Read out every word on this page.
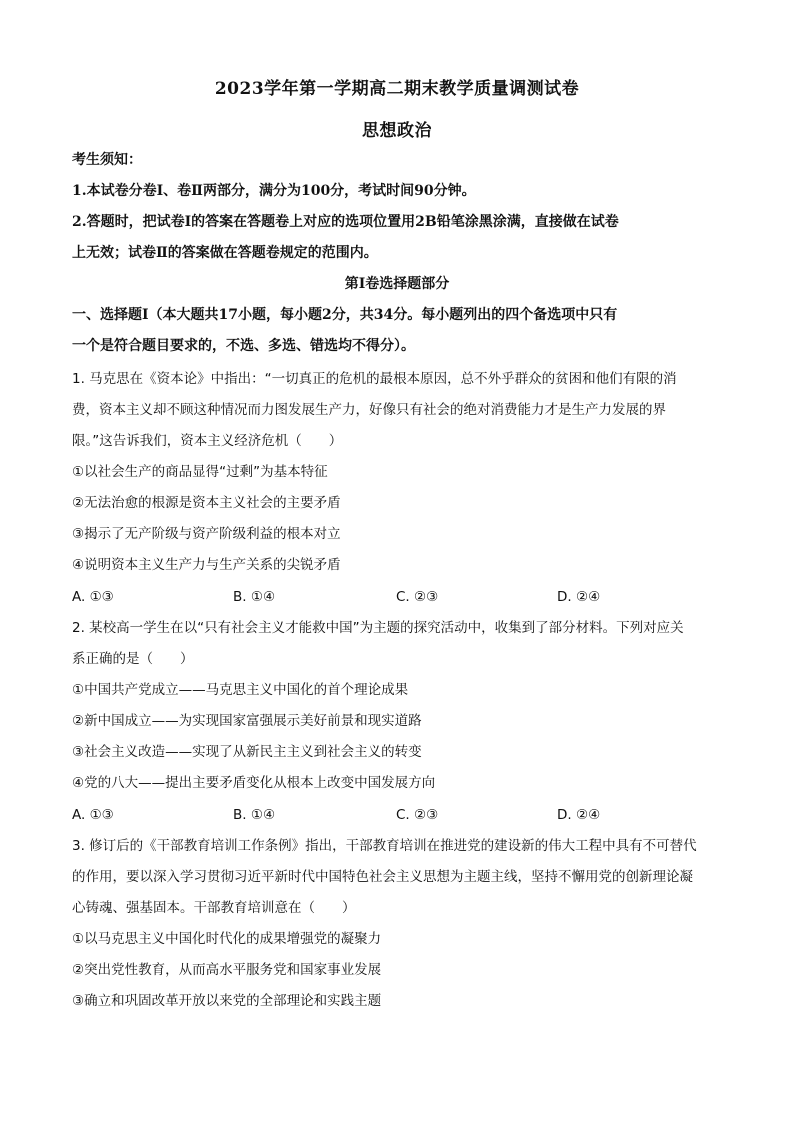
2023学年第一学期高二期末教学质量调测试卷
思想政治
考生须知：
1.本试卷分卷Ⅰ、卷Ⅱ两部分，满分为100分，考试时间90分钟。
2.答题时，把试卷Ⅰ的答案在答题卷上对应的选项位置用2B铅笔涂黑涂满，直接做在试卷
上无效；试卷Ⅱ的答案做在答题卷规定的范围内。
第Ⅰ卷选择题部分
一、选择题Ⅰ（本大题共17小题，每小题2分，共34分。每小题列出的四个备选项中只有
一个是符合题目要求的，不选、多选、错选均不得分）。
1. 马克思在《资本论》中指出：“一切真正的危机的最根本原因，总不外乎群众的贫困和他们有限的消
费，资本主义却不顾这种情况而力图发展生产力，好像只有社会的绝对消费能力才是生产力发展的界
限。”这告诉我们，资本主义经济危机（　　）
①以社会生产的商品显得“过剩”为基本特征
②无法治愈的根源是资本主义社会的主要矛盾
③揭示了无产阶级与资产阶级利益的根本对立
④说明资本主义生产力与生产关系的尖锐矛盾
A. ①③	B. ①④	C. ②③	D. ②④
2. 某校高一学生在以“只有社会主义才能救中国”为主题的探究活动中，收集到了部分材料。下列对应关
系正确的是（　　）
①中国共产党成立——马克思主义中国化的首个理论成果
②新中国成立——为实现国家富强展示美好前景和现实道路
③社会主义改造——实现了从新民主主义到社会主义的转变
④党的八大——提出主要矛盾变化从根本上改变中国发展方向
A. ①③	B. ①④	C. ②③	D. ②④
3. 修订后的《干部教育培训工作条例》指出，干部教育培训在推进党的建设新的伟大工程中具有不可替代
的作用，要以深入学习贯彻习近平新时代中国特色社会主义思想为主题主线，坚持不懈用党的创新理论凝
心铸魂、强基固本。干部教育培训意在（　　）
①以马克思主义中国化时代化的成果增强党的凝聚力
②突出党性教育，从而高水平服务党和国家事业发展
③确立和巩固改革开放以来党的全部理论和实践主题
